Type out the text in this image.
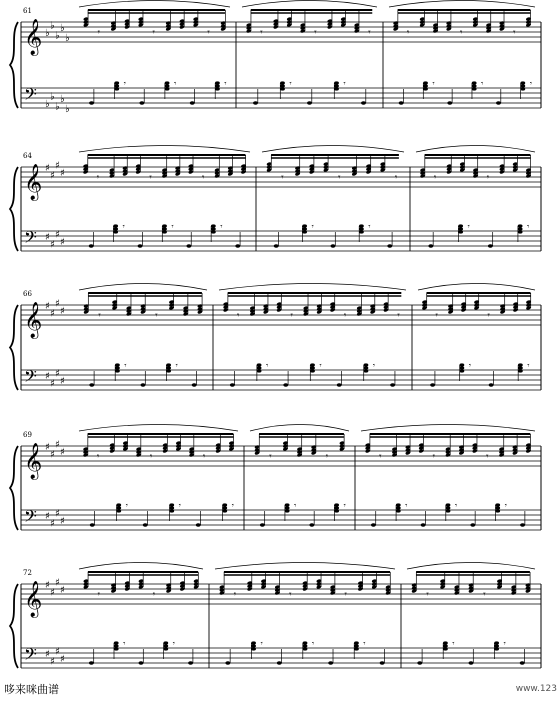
61
𝄞
𝄢
♭
♭
♭
♭
♭
♭
♭
♭
♭
♭
𝄾	𝄾	𝄾
𝄾	𝄾	𝄾
𝄾	𝄾	𝄾
𝄾	𝄾
𝄾	𝄾	𝄾
𝄾	𝄾	𝄾
64
𝄞
𝄢
♯
♯
♯
♯
♯
♯
♯
♯
𝄾	𝄾	𝄾
𝄾	𝄾	𝄾
𝄾	𝄾	𝄾
𝄾	𝄾
𝄾	𝄾
𝄾	𝄾
66
𝄞
𝄢
♯
♯
♯
♯
♯
♯
♯
♯
𝄾	𝄾
𝄾	𝄾
𝄾	𝄾	𝄾	𝄾
𝄾	𝄾	𝄾
𝄾	𝄾
𝄾	𝄾
69
𝄞
𝄢
♯
♯
♯
♯
♯
♯
♯
♯
𝄾	𝄾	𝄾
𝄾	𝄾	𝄾
𝄾	𝄾
𝄾	𝄾
𝄾	𝄾	𝄾
𝄾	𝄾	𝄾
72
𝄞
𝄢
♯
♯
♯
♯
♯
♯
♯
♯
𝄾	𝄾
𝄾	𝄾
𝄾	𝄾	𝄾
𝄾	𝄾	𝄾
𝄾	𝄾
𝄾	𝄾
哆来咪曲谱	www.123
